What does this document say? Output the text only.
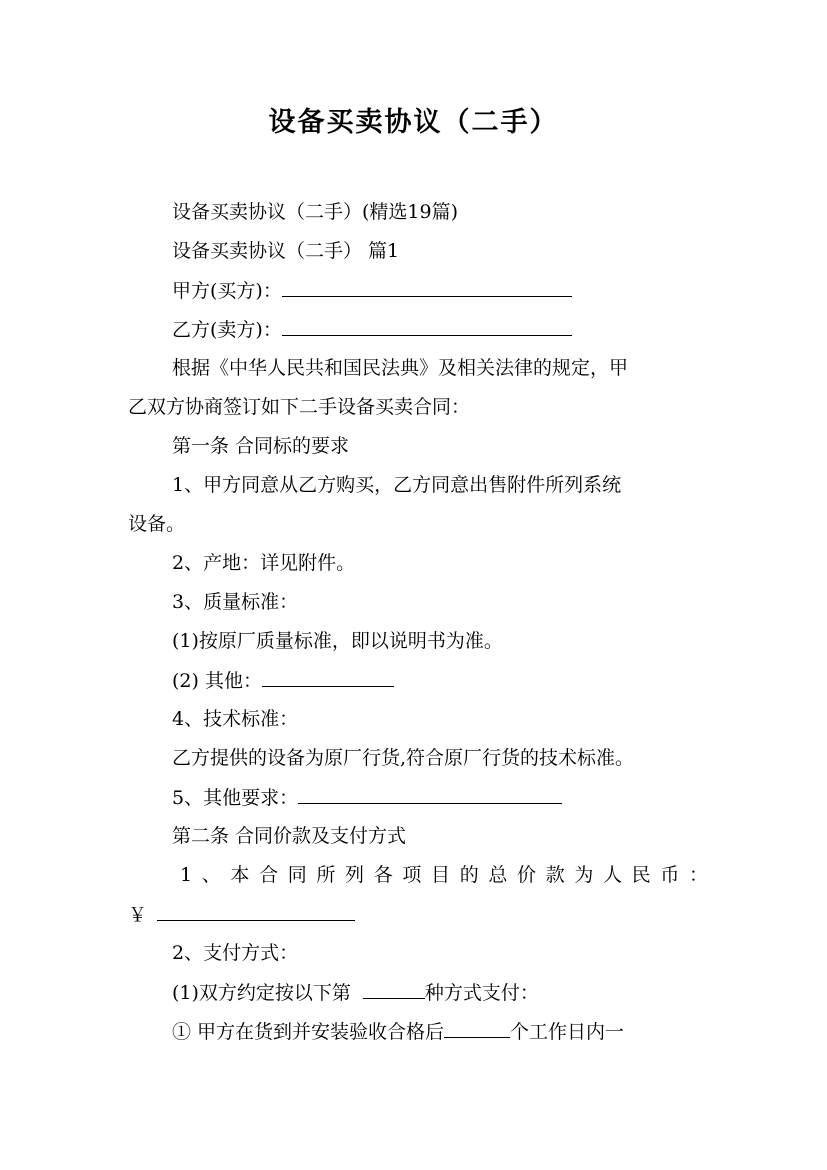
设备买卖协议（二手）
设备买卖协议（二手）(精选19篇)
设备买卖协议（二手） 篇1
甲方(买方)：
乙方(卖方)：
根据《中华人民共和国民法典》及相关法律的规定，甲
乙双方协商签订如下二手设备买卖合同：
第一条 合同标的要求
1、甲方同意从乙方购买，乙方同意出售附件所列系统
设备。
2、产地：详见附件。
3、质量标准：
(1)按原厂质量标准，即以说明书为准。
(2) 其他：
4、技术标准：
乙方提供的设备为原厂行货,符合原厂行货的技术标准。
5、其他要求：
第二条 合同价款及支付方式
1、本合同所列各项目的总价款为人民币：
￥
2、支付方式：
(1)双方约定按以下第	种方式支付：
① 甲方在货到并安装验收合格后	个工作日内一
